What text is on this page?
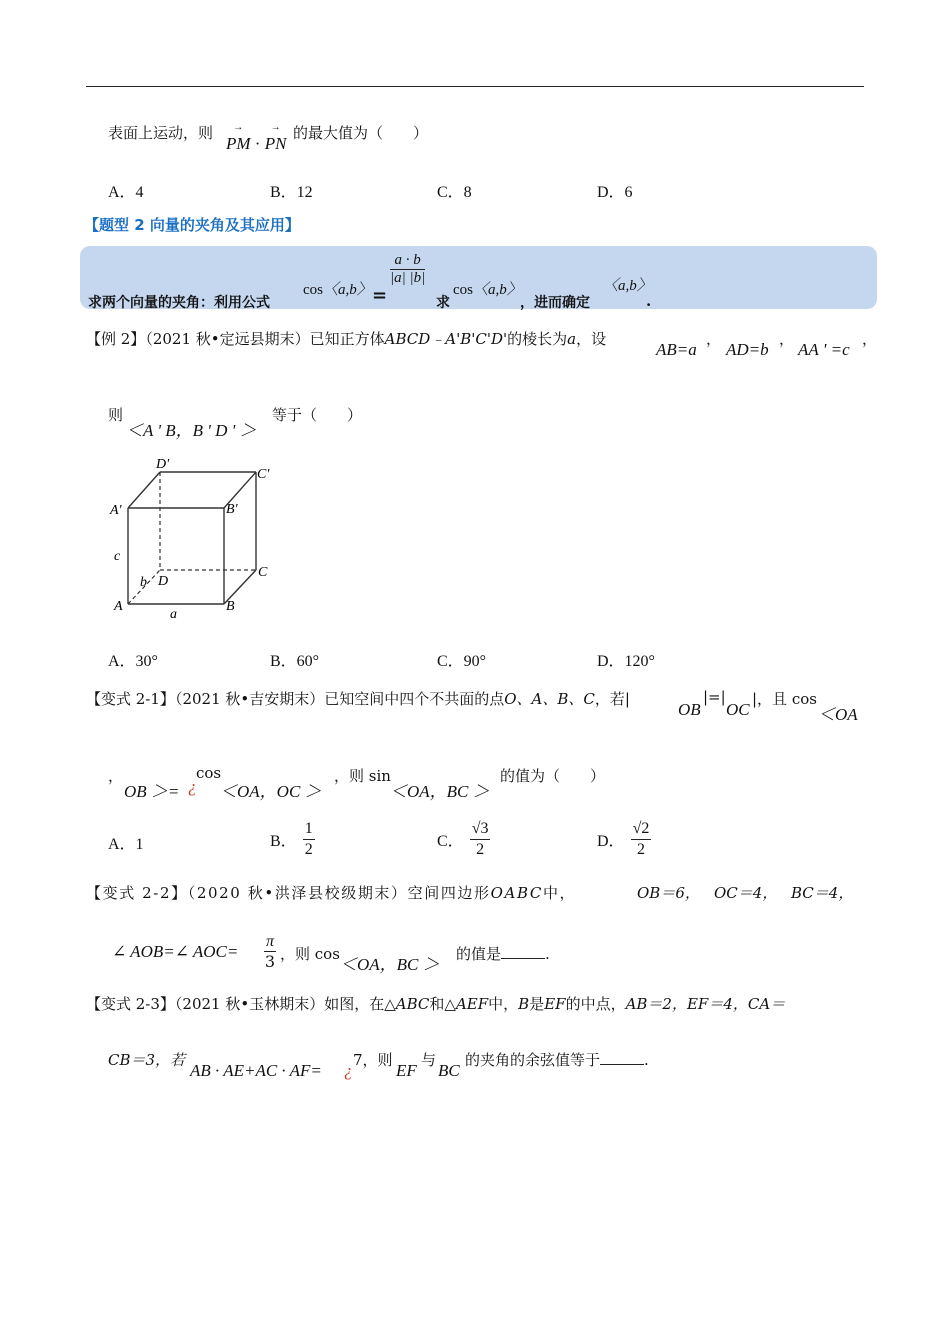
表面上运动，则
→ PM · → PN
的最大值为（　　）
A．4	B．12	C．8	D．6
【题型 2 向量的夹角及其应用】
求两个向量的夹角：利用公式
cos〈a,b〉 =
$\frac{a \cdot b}{|a| |b|}$
求
cos〈a,b〉
，进而确定
〈a,b〉
.
【例 2】（2021 秋•定远县期末）已知正方体ABCD﹣A'B'C'D'的棱长为a，设
AB=a
，
AD=b
，
AA ' =c
，
则
＜A ' B，B ' D ' ＞
等于（　　）
D'
C'
A'	B'
c
b D
C
A	B
a
A．30°	B．60°	C．90°	D．120°
【变式 2-1】（2021 秋•吉安期末）已知空间中四个不共面的点O、A、B、C，若|
OB
|=|
OC
|，且 cos
＜OA
，
OB ＞= ¿
cos
＜OA，OC ＞
，则 sin
＜OA，BC ＞
的值为（　　）
A．1	B． $\frac{1}{2}$	C． $\frac{√3}{2}$	D． $\frac{√2}{2}$
【变式 2-2】（2020 秋•洪泽县校级期末）空间四边形OABC中，	OB＝6， OC＝4， BC＝4，
∠ AOB=∠ $AOC= \frac{\pi}{3}$ ，则 cos
＜OA，BC ＞
的值是	.
【变式 2-3】（2021 秋•玉林期末）如图，在△ABC和△AEF中，B是EF的中点，AB＝2，EF＝4，CA＝
CB＝3，若
AB · AE+AC · AF= ¿
7，则
EF
与
BC
的夹角的余弦值等于	.
